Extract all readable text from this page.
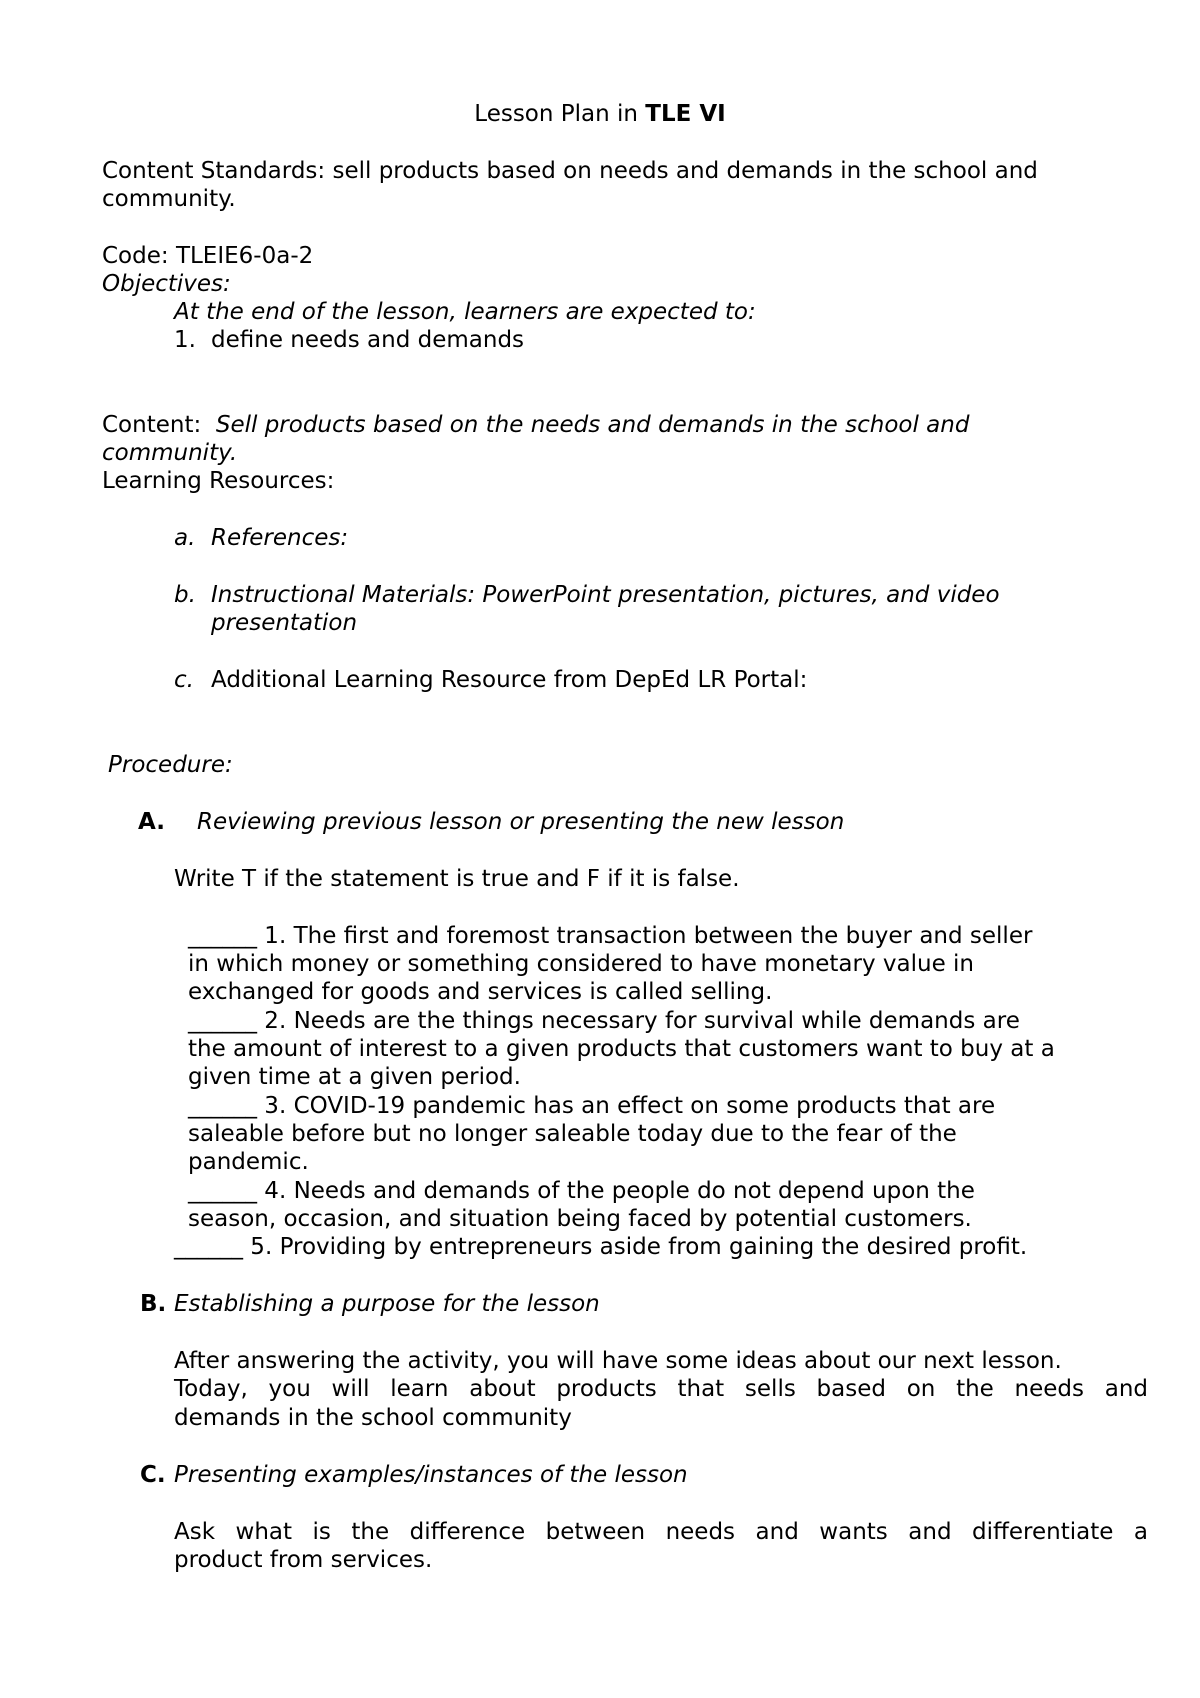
Lesson Plan in TLE VI
Content Standards: sell products based on needs and demands in the school and
community.
Code: TLEIE6-0a-2
Objectives:
At the end of the lesson, learners are expected to:
1. define needs and demands
Content: Sell products based on the needs and demands in the school and
community.
Learning Resources:
a. References:
b. Instructional Materials: PowerPoint presentation, pictures, and video
presentation
c. Additional Learning Resource from DepEd LR Portal:
Procedure:
A. Reviewing previous lesson or presenting the new lesson
Write T if the statement is true and F if it is false.
______ 1. The first and foremost transaction between the buyer and seller
in which money or something considered to have monetary value in
exchanged for goods and services is called selling.
______ 2. Needs are the things necessary for survival while demands are
the amount of interest to a given products that customers want to buy at a
given time at a given period.
______ 3. COVID-19 pandemic has an effect on some products that are
saleable before but no longer saleable today due to the fear of the
pandemic.
______ 4. Needs and demands of the people do not depend upon the
season, occasion, and situation being faced by potential customers.
______ 5. Providing by entrepreneurs aside from gaining the desired profit.
B. Establishing a purpose for the lesson
After answering the activity, you will have some ideas about our next lesson.
Today, you will learn about products that sells based on the needs and
demands in the school community
C. Presenting examples/instances of the lesson
Ask what is the difference between needs and wants and differentiate a
product from services.
